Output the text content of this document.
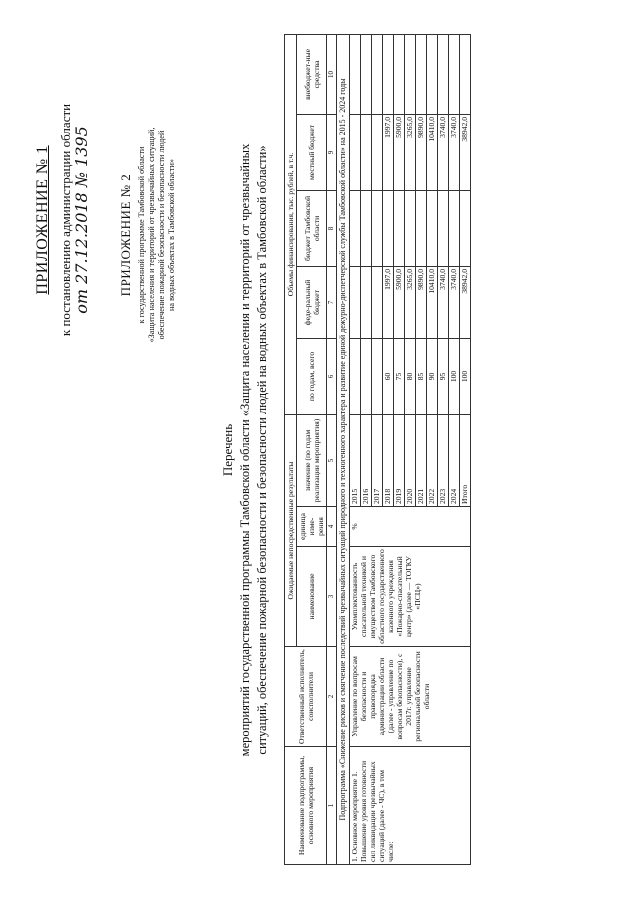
ПРИЛОЖЕНИЕ № 1 к постановлению администрации области от 27.12.2018 № 1395 ПРИЛОЖЕНИЕ № 2 к государственной программе Тамбовской области «Защита населения и территорий от чрезвычайных ситуаций, обеспечение пожарной безопасности и безопасности людей на водных объектах в Тамбовской области»
Перечень мероприятий государственной программы Тамбовской области «Защита населения и территорий от чрезвычайных ситуаций, обеспечение пожарной безопасности и безопасности людей на водных объектах в Тамбовской области»
Наименование подпрограммы, основного мероприятия	Ответственный исполнитель, соисполнители	Ожидаемые непосредственные результаты			Объемы финансирования, тыс. рублей, в т.ч.					
		наименование	единица изме-рения	значение (по годам реализации мероприятия)	по годам, всего	феде-ральный бюджет	бюджет Тамбовской области	местный бюджет	внебюджет-ные средства	
1	2	3	4	5	6	7	8	9	10	
Подпрограмма «Снижение рисков и смягчение последствий чрезвычайных ситуаций природного и техногенного характера и развитие единой дежурно-диспетчерской службы Тамбовской области» на 2015 - 2024 годы										
1. Основное мероприятие 1. Повышение уровня готовности сил ликвидации чрезвычайных ситуаций (далее - ЧС), в том числе:	Управление по вопросам безопасности и правопорядка администрации области (далее - управление по вопросам безопасности), с 2017г. управление региональной безопасности области	Укомплектованность спасательной техникой и имуществом Тамбовского областного государственного казенного учреждения «Пожарно-спасательный центр» (далее — ТОГКУ «ПСЦ»)	%	2015						
				2016						
				2017						
				2018	60	1997,0		1997,0		
				2019	75	5900,0		5900,0		
				2020	80	3265,0		3265,0		
				2021	85	9890,0		9890,0		
				2022	90	10410,0		10410,0		
				2023	95	3740,0		3740,0		
				2024	100	3740,0		3740,0		
				Итого	100	38942,0		38942,0		
